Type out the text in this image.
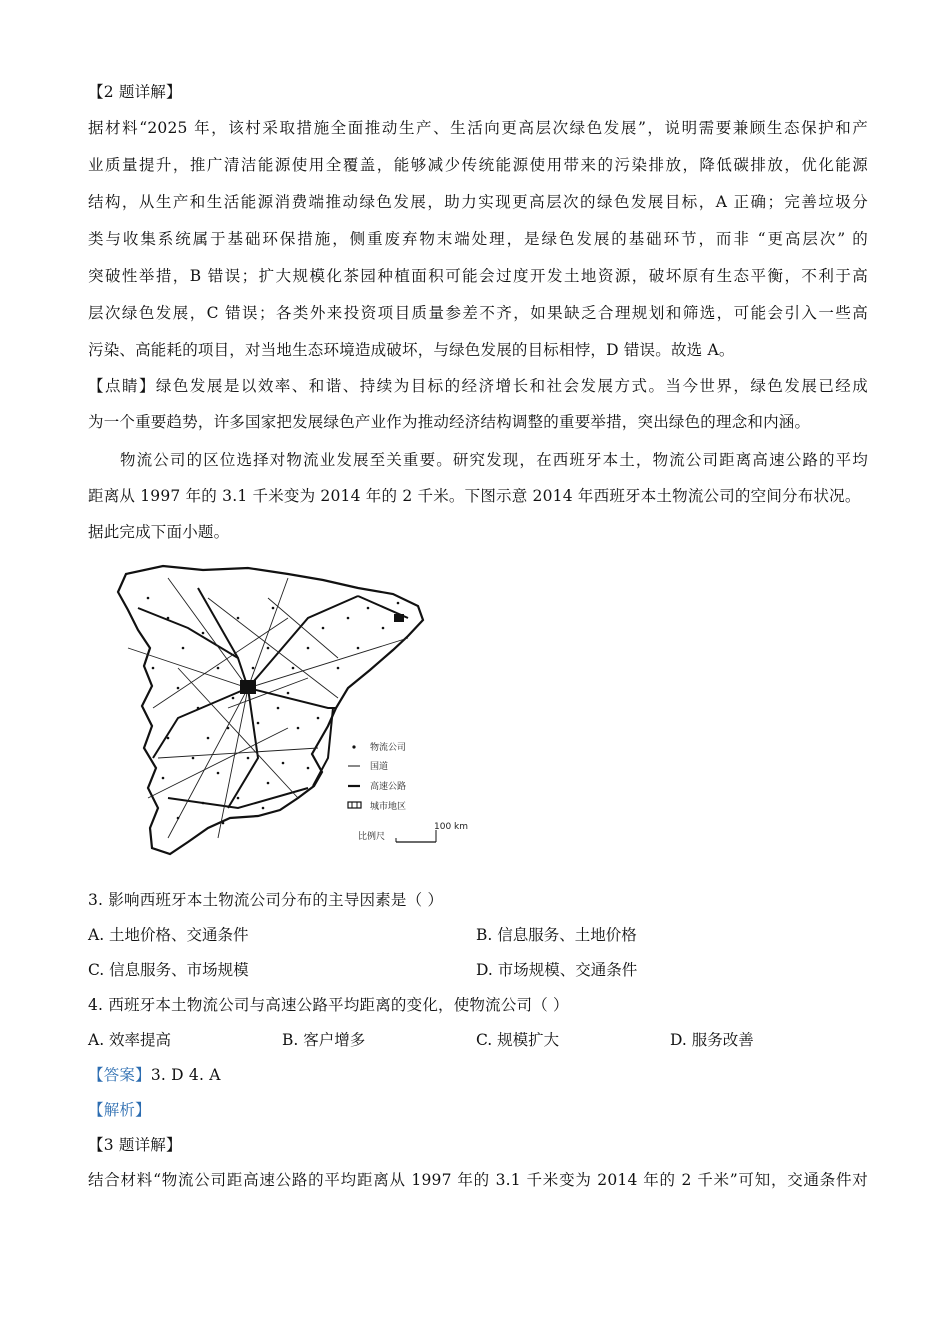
【2 题详解】
据材料“2025 年，该村采取措施全面推动生产、生活向更高层次绿色发展”，说明需要兼顾生态保护和产
业质量提升，推广清洁能源使用全覆盖，能够减少传统能源使用带来的污染排放，降低碳排放，优化能源
结构，从生产和生活能源消费端推动绿色发展，助力实现更高层次的绿色发展目标，A 正确；完善垃圾分
类与收集系统属于基础环保措施，侧重废弃物末端处理，是绿色发展的基础环节，而非 “更高层次” 的
突破性举措，B 错误；扩大规模化茶园种植面积可能会过度开发土地资源，破坏原有生态平衡，不利于高
层次绿色发展，C 错误；各类外来投资项目质量参差不齐，如果缺乏合理规划和筛选，可能会引入一些高
污染、高能耗的项目，对当地生态环境造成破坏，与绿色发展的目标相悖，D 错误。故选 A。
【点睛】绿色发展是以效率、和谐、持续为目标的经济增长和社会发展方式。当今世界，绿色发展已经成
为一个重要趋势，许多国家把发展绿色产业作为推动经济结构调整的重要举措，突出绿色的理念和内涵。
物流公司的区位选择对物流业发展至关重要。研究发现，在西班牙本土，物流公司距离高速公路的平均
距离从 1997 年的 3.1 千米变为 2014 年的 2 千米。下图示意 2014 年西班牙本土物流公司的空间分布状况。
据此完成下面小题。
物流公司
国道
高速公路
城市地区
比例尺
100 km
3. 影响西班牙本土物流公司分布的主导因素是（ ）
A. 土地价格、交通条件	B. 信息服务、土地价格
C. 信息服务、市场规模	D. 市场规模、交通条件
4. 西班牙本土物流公司与高速公路平均距离的变化，使物流公司（ ）
A. 效率提高	B. 客户增多	C. 规模扩大	D. 服务改善
【答案】3. D 4. A
【解析】
【3 题详解】
结合材料“物流公司距高速公路的平均距离从 1997 年的 3.1 千米变为 2014 年的 2 千米”可知，交通条件对
